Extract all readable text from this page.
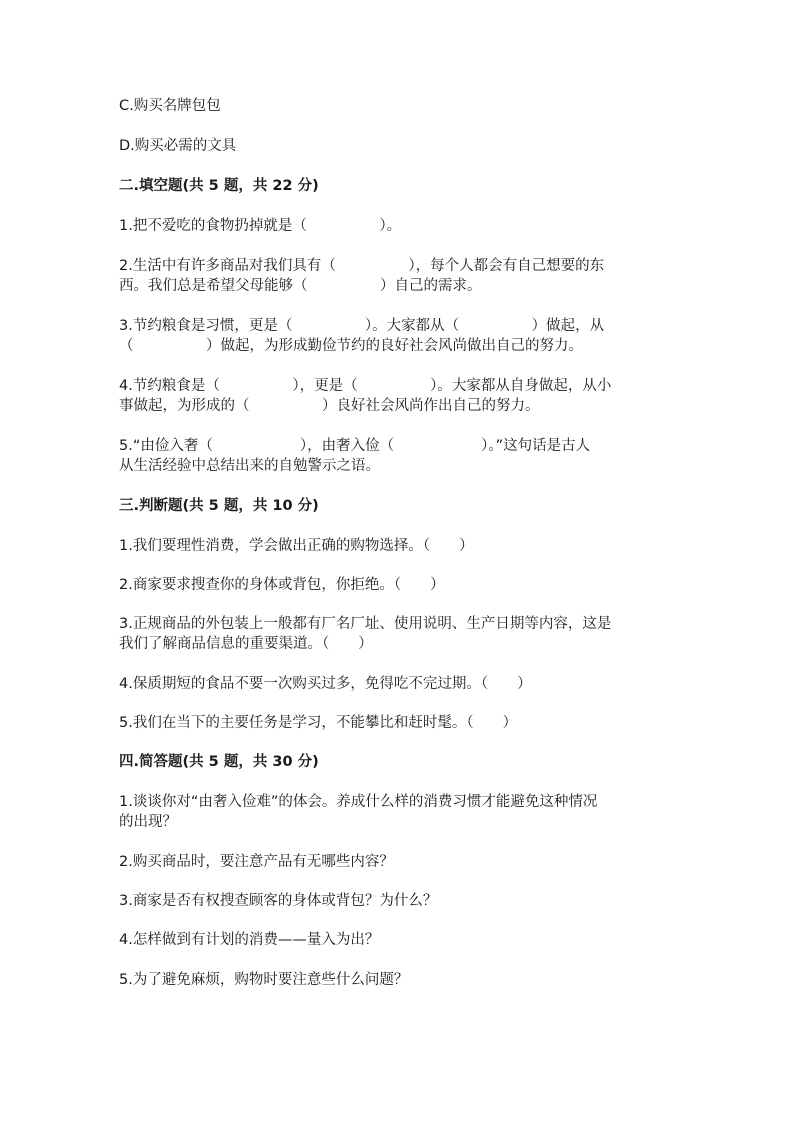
C.购买名牌包包
D.购买必需的文具
二.填空题(共 5 题，共 22 分)
1.把不爱吃的食物扔掉就是（　　　　　）。
2.生活中有许多商品对我们具有（　　　　　），每个人都会有自己想要的东
西。我们总是希望父母能够（　　　　　）自己的需求。
3.节约粮食是习惯，更是（　　　　　）。大家都从（　　　　　）做起，从
（　　　　　）做起，为形成勤俭节约的良好社会风尚做出自己的努力。
4.节约粮食是（　　　　　），更是（　　　　　）。大家都从自身做起，从小
事做起，为形成的（　　　　　）良好社会风尚作出自己的努力。
5.“由俭入奢（　　　　　　），由奢入俭（　　　　　　）。”这句话是古人
从生活经验中总结出来的自勉警示之语。
三.判断题(共 5 题，共 10 分)
1.我们要理性消费，学会做出正确的购物选择。（　　）
2.商家要求搜查你的身体或背包，你拒绝。（　　）
3.正规商品的外包装上一般都有厂名厂址、使用说明、生产日期等内容，这是
我们了解商品信息的重要渠道。（　　）
4.保质期短的食品不要一次购买过多，免得吃不完过期。（　　）
5.我们在当下的主要任务是学习，不能攀比和赶时髦。（　　）
四.简答题(共 5 题，共 30 分)
1.谈谈你对“由奢入俭难”的体会。养成什么样的消费习惯才能避免这种情况
的出现？
2.购买商品时，要注意产品有无哪些内容？
3.商家是否有权搜查顾客的身体或背包？为什么？
4.怎样做到有计划的消费——量入为出？
5.为了避免麻烦，购物时要注意些什么问题？
